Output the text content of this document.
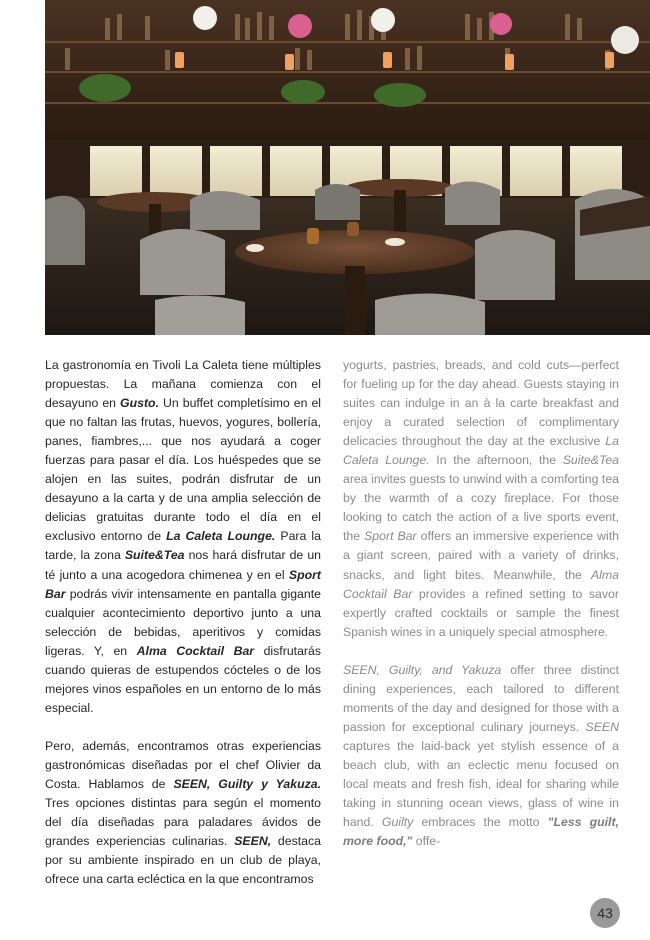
La gastronomía en Tivoli La Caleta tiene múltiples propuestas. La mañana comienza con el desayuno en Gusto. Un buffet completísimo en el que no faltan las frutas, huevos, yogures, bollería, panes, fiambres,... que nos ayudará a coger fuerzas para pasar el día. Los huéspedes que se alojen en las suites, podrán disfrutar de un desayuno a la carta y de una amplia selección de delicias gratuitas durante todo el día en el exclusivo entorno de La Caleta Lounge. Para la tarde, la zona Suite&Tea nos hará disfrutar de un té junto a una acogedora chimenea y en el Sport Bar podrás vivir intensamente en pantalla gigante cualquier acontecimiento deportivo junto a una selección de bebidas, aperitivos y comidas ligeras. Y, en Alma Cocktail Bar disfrutarás cuando quieras de estupendos cócteles o de los mejores vinos españoles en un entorno de lo más especial.

Pero, además, encontramos otras experiencias gastronómicas diseñadas por el chef Olivier da Costa. Hablamos de SEEN, Guilty y Yakuza. Tres opciones distintas para según el momento del día diseñadas para paladares ávidos de grandes experiencias culinarias. SEEN, destaca por su ambiente inspirado en un club de playa, ofrece una carta ecléctica en la que encontramos

yogurts, pastries, breads, and cold cuts—perfect for fueling up for the day ahead. Guests staying in suites can indulge in an à la carte breakfast and enjoy a curated selection of complimentary delicacies throughout the day at the exclusive La Caleta Lounge. In the afternoon, the Suite&Tea area invites guests to unwind with a comforting tea by the warmth of a cozy fireplace. For those looking to catch the action of a live sports event, the Sport Bar offers an immersive experience with a giant screen, paired with a variety of drinks, snacks, and light bites. Meanwhile, the Alma Cocktail Bar provides a refined setting to savor expertly crafted cocktails or sample the finest Spanish wines in a uniquely special atmosphere.

SEEN, Guilty, and Yakuza offer three distinct dining experiences, each tailored to different moments of the day and designed for those with a passion for exceptional culinary journeys. SEEN captures the laid-back yet stylish essence of a beach club, with an eclectic menu focused on local meats and fresh fish, ideal for sharing while taking in stunning ocean views, glass of wine in hand. Guilty embraces the motto "Less guilt, more food," offe-

43
